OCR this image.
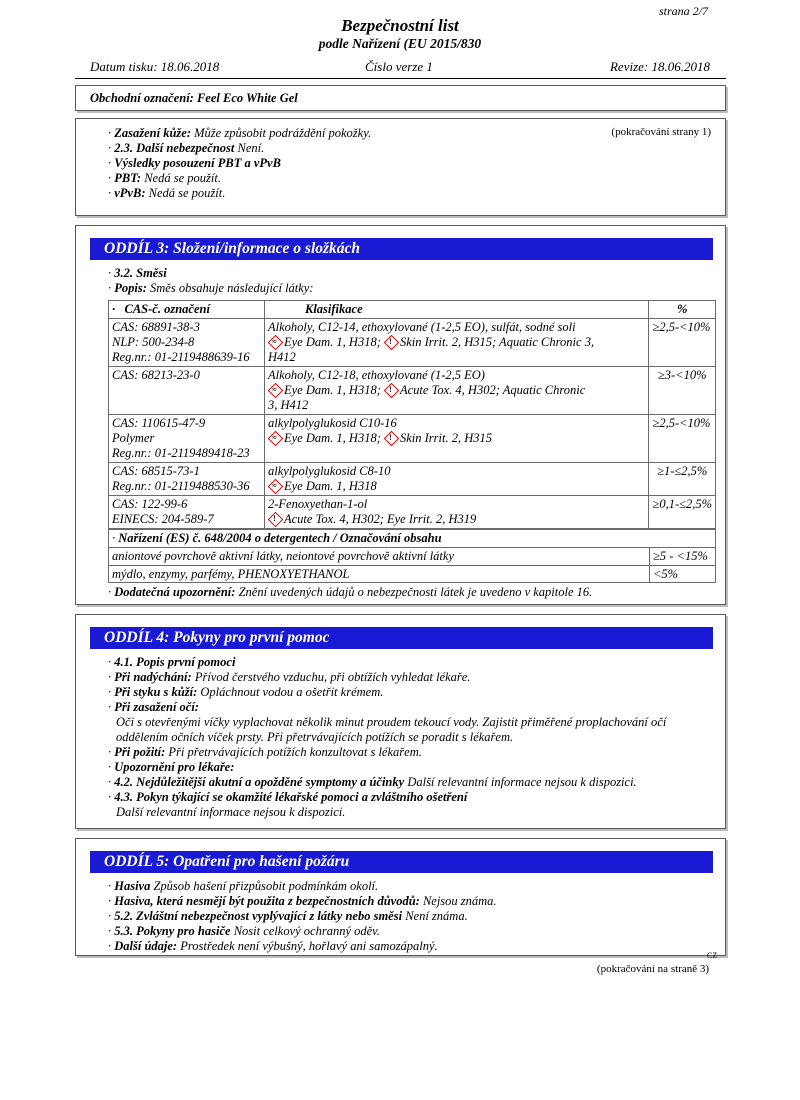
strana 2/7
Bezpečnostní list
podle Nařízení (EU 2015/830
Datum tisku: 18.06.2018	Číslo verze 1	Revize: 18.06.2018
Obchodní označení: Feel Eco White Gel
(pokračování strany 1)
· Zasažení kůže: Může způsobit podráždění pokožky.
· 2.3. Další nebezpečnost Není.
· Výsledky posouzení PBT a vPvB
· PBT: Nedá se použít.
· vPvB: Nedá se použít.
ODDÍL 3: Složení/informace o složkách
· 3.2. Směsi
· Popis: Směs obsahuje následující látky:
·   CAS-č. označení	Klasifikace	%

CAS: 68891-38-3
NLP: 500-234-8
Reg.nr.: 01-2119488639-16	Alkoholy, C12-14, ethoxylované (1-2,5 EO), sulfát, sodné soli
≈Eye Dam. 1, H318; ! Skin Irrit. 2, H315; Aquatic Chronic 3,
H412	≥2,5-<10%

CAS: 68213-23-0	Alkoholy, C12-18, ethoxylované (1-2,5 EO)
≈Eye Dam. 1, H318; ! Acute Tox. 4, H302; Aquatic Chronic
3, H412	≥3-<10%

CAS: 110615-47-9
Polymer
Reg.nr.: 01-2119489418-23	alkylpolyglukosid C10-16
≈Eye Dam. 1, H318; ! Skin Irrit. 2, H315	≥2,5-<10%

CAS: 68515-73-1
Reg.nr.: 01-2119488530-36	alkylpolyglukosid C8-10
≈Eye Dam. 1, H318	≥1-≤2,5%

CAS: 122-99-6
EINECS: 204-589-7	2-Fenoxyethan-1-ol
!Acute Tox. 4, H302; Eye Irrit. 2, H319	≥0,1-≤2,5%
· Nařízení (ES) č. 648/2004 o detergentech / Označování obsahu	
aniontové povrchově aktivní látky, neiontové povrchově aktivní látky	≥5 - <15%
mýdlo, enzymy, parfémy, PHENOXYETHANOL	<5%
· Dodatečná upozornění: Znění uvedených údajů o nebezpečnosti látek je uvedeno v kapitole 16.
ODDÍL 4: Pokyny pro první pomoc
· 4.1. Popis první pomoci
· Při nadýchání: Přívod čerstvého vzduchu, při obtížích vyhledat lékaře.
· Při styku s kůží: Opláchnout vodou a ošetřit krémem.
· Při zasažení očí:
Oči s otevřenými víčky vyplachovat několik minut proudem tekoucí vody. Zajistit přiměřené proplachování očí
oddělením očních víček prsty. Při přetrvávajících potížích se poradit s lékařem.
· Při požití: Při přetrvávajících potížích konzultovat s lékařem.
· Upozornění pro lékaře:
· 4.2. Nejdůležitější akutní a opožděné symptomy a účinky Další relevantní informace nejsou k dispozici.
· 4.3. Pokyn týkající se okamžité lékařské pomoci a zvláštního ošetření
Další relevantní informace nejsou k dispozici.
ODDÍL 5: Opatření pro hašení požáru
· Hasiva Způsob hašení přizpůsobit podmínkám okolí.
· Hasiva, která nesmějí být použita z bezpečnostních důvodů: Nejsou známa.
· 5.2. Zvláštní nebezpečnost vyplývající z látky nebo směsi Není známa.
· 5.3. Pokyny pro hasiče Nosit celkový ochranný oděv.
· Další údaje: Prostředek není výbušný, hořlavý ani samozápalný.
CZ
(pokračování na straně 3)
